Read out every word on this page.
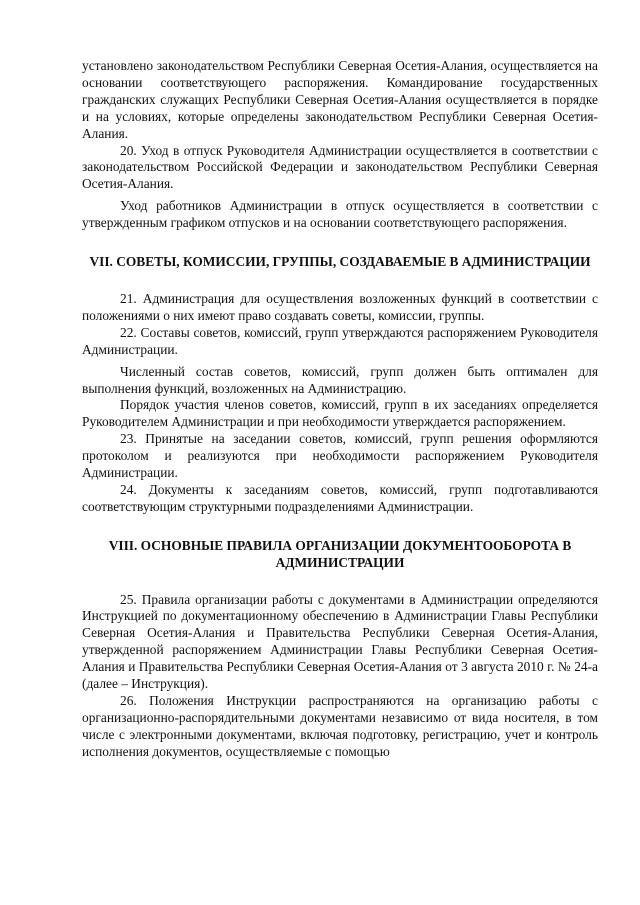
установлено законодательством Республики Северная Осетия-Алания, осуществляется на основании соответствующего распоряжения. Командирование государственных гражданских служащих Республики Северная Осетия-Алания осуществляется в порядке и на условиях, которые определены законодательством Республики Северная Осетия-Алания.

20. Уход в отпуск Руководителя Администрации осуществляется в соответствии с законодательством Российской Федерации и законодательством Республики Северная Осетия-Алания.

Уход работников Администрации в отпуск осуществляется в соответствии с утвержденным графиком отпусков и на основании соответствующего распоряжения.

VII. СОВЕТЫ, КОМИССИИ, ГРУППЫ, СОЗДАВАЕМЫЕ В АДМИНИСТРАЦИИ

21. Администрация для осуществления возложенных функций в соответствии с положениями о них имеют право создавать советы, комиссии, группы.

22. Составы советов, комиссий, групп утверждаются распоряжением Руководителя Администрации.

Численный состав советов, комиссий, групп должен быть оптимален для выполнения функций, возложенных на Администрацию.

Порядок участия членов советов, комиссий, групп в их заседаниях определяется Руководителем Администрации и при необходимости утверждается распоряжением.

23. Принятые на заседании советов, комиссий, групп решения оформляются протоколом и реализуются при необходимости распоряжением Руководителя Администрации.

24. Документы к заседаниям советов, комиссий, групп подготавливаются соответствующим структурными подразделениями Администрации.

VIII. ОСНОВНЫЕ ПРАВИЛА ОРГАНИЗАЦИИ ДОКУМЕНТООБОРОТА В АДМИНИСТРАЦИИ

25. Правила организации работы с документами в Администрации определяются Инструкцией по документационному обеспечению в Администрации Главы Республики Северная Осетия-Алания и Правительства Республики Северная Осетия-Алания, утвержденной распоряжением Администрации Главы Республики Северная Осетия-Алания и Правительства Республики Северная Осетия-Алания от 3 августа 2010 г. № 24-а (далее – Инструкция).

26. Положения Инструкции распространяются на организацию работы с организационно-распорядительными документами независимо от вида носителя, в том числе с электронными документами, включая подготовку, регистрацию, учет и контроль исполнения документов, осуществляемые с помощью
